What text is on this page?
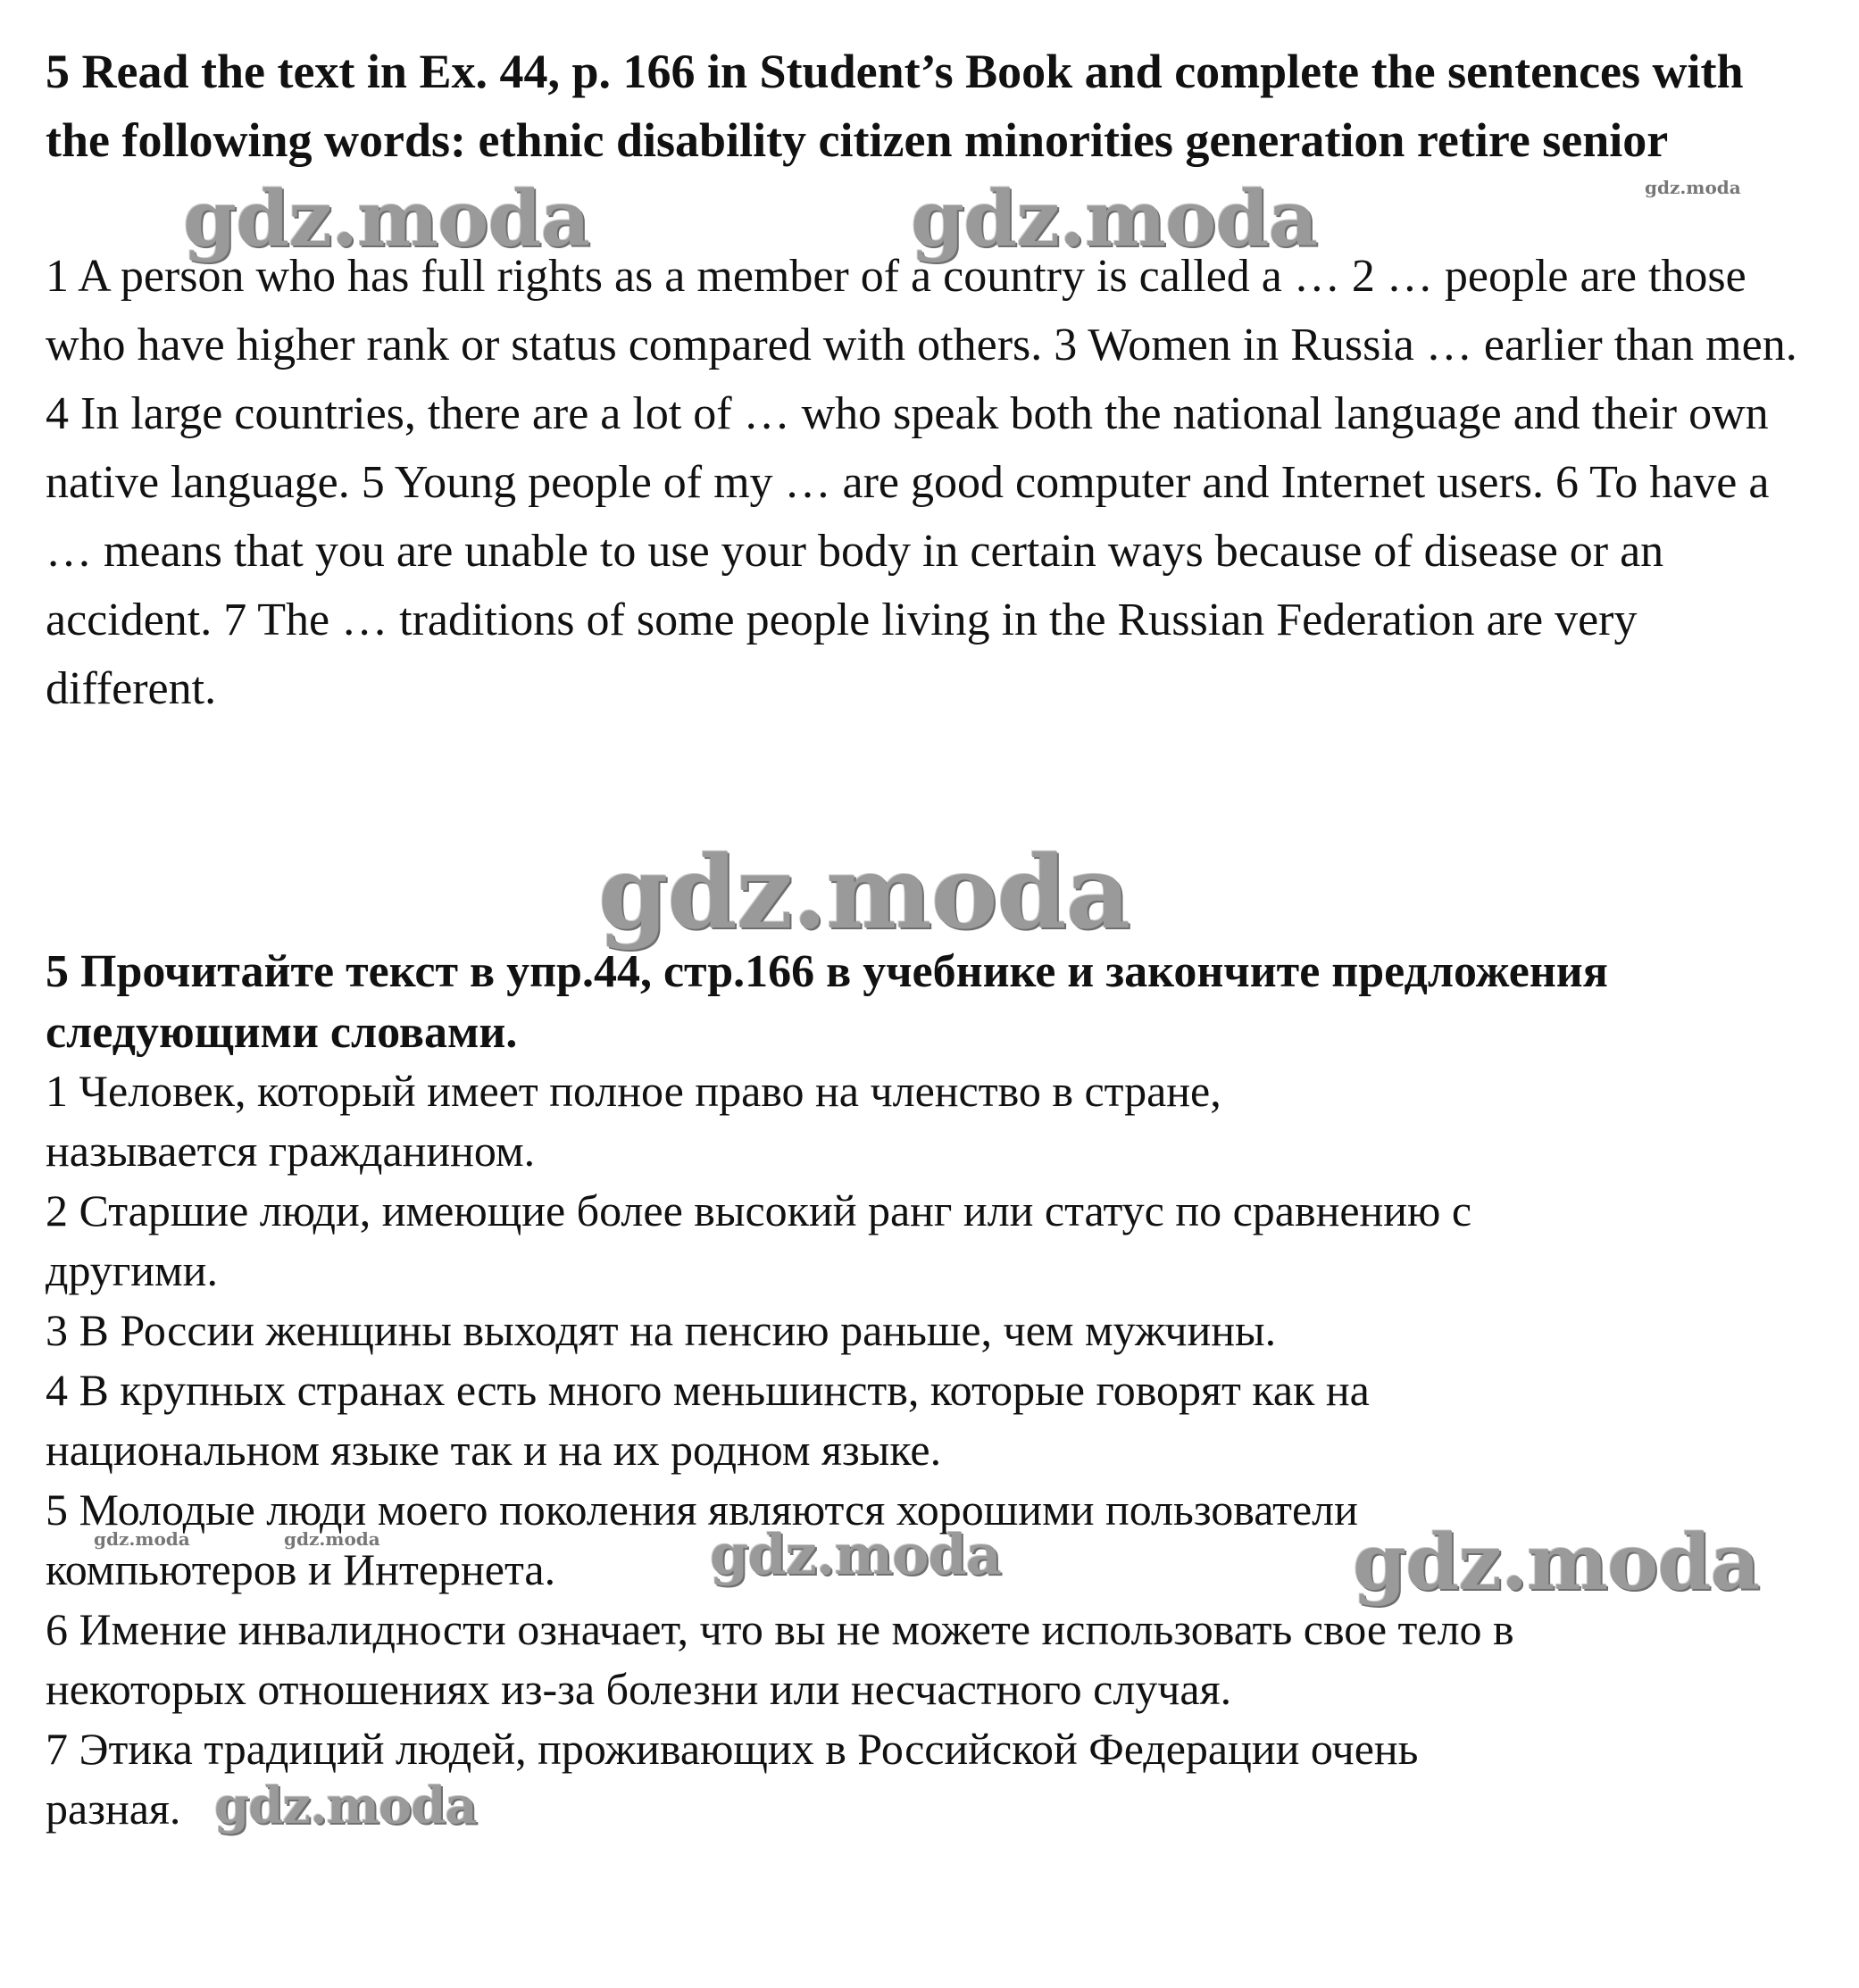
5 Read the text in Ex. 44, p. 166 in Student’s Book and complete the sentences with the following words: ethnic disability citizen minorities generation retire senior

1 A person who has full rights as a member of a country is called a … 2 … people are those who have higher rank or status compared with others. 3 Women in Russia … earlier than men. 4 In large countries, there are a lot of … who speak both the national language and their own native language. 5 Young people of my … are good computer and Internet users. 6 To have a … means that you are unable to use your body in certain ways because of disease or an accident. 7 The … traditions of some people living in the Russian Federation are very different.

5 Прочитайте текст в упр.44, стр.166 в учебнике и закончите предложения следующими словами.

1 Человек, который имеет полное право на членство в стране,

называется гражданином.

2 Старшие люди, имеющие более высокий ранг или статус по сравнению с

другими.

3 В России женщины выходят на пенсию раньше, чем мужчины.

4 В крупных странах есть много меньшинств, которые говорят как на

национальном языке так и на их родном языке.

5 Молодые люди моего поколения являются хорошими пользователи

компьютеров и Интернета.

6 Имение инвалидности означает, что вы не можете использовать свое тело в

некоторых отношениях из-за болезни или несчастного случая.

7 Этика традиций людей, проживающих в Российской Федерации очень

разная.

gdz.moda	gdz.moda	gdz.moda
gdz.moda
gdz.moda	gdz.moda	gdz.moda	gdz.moda
gdz.moda
